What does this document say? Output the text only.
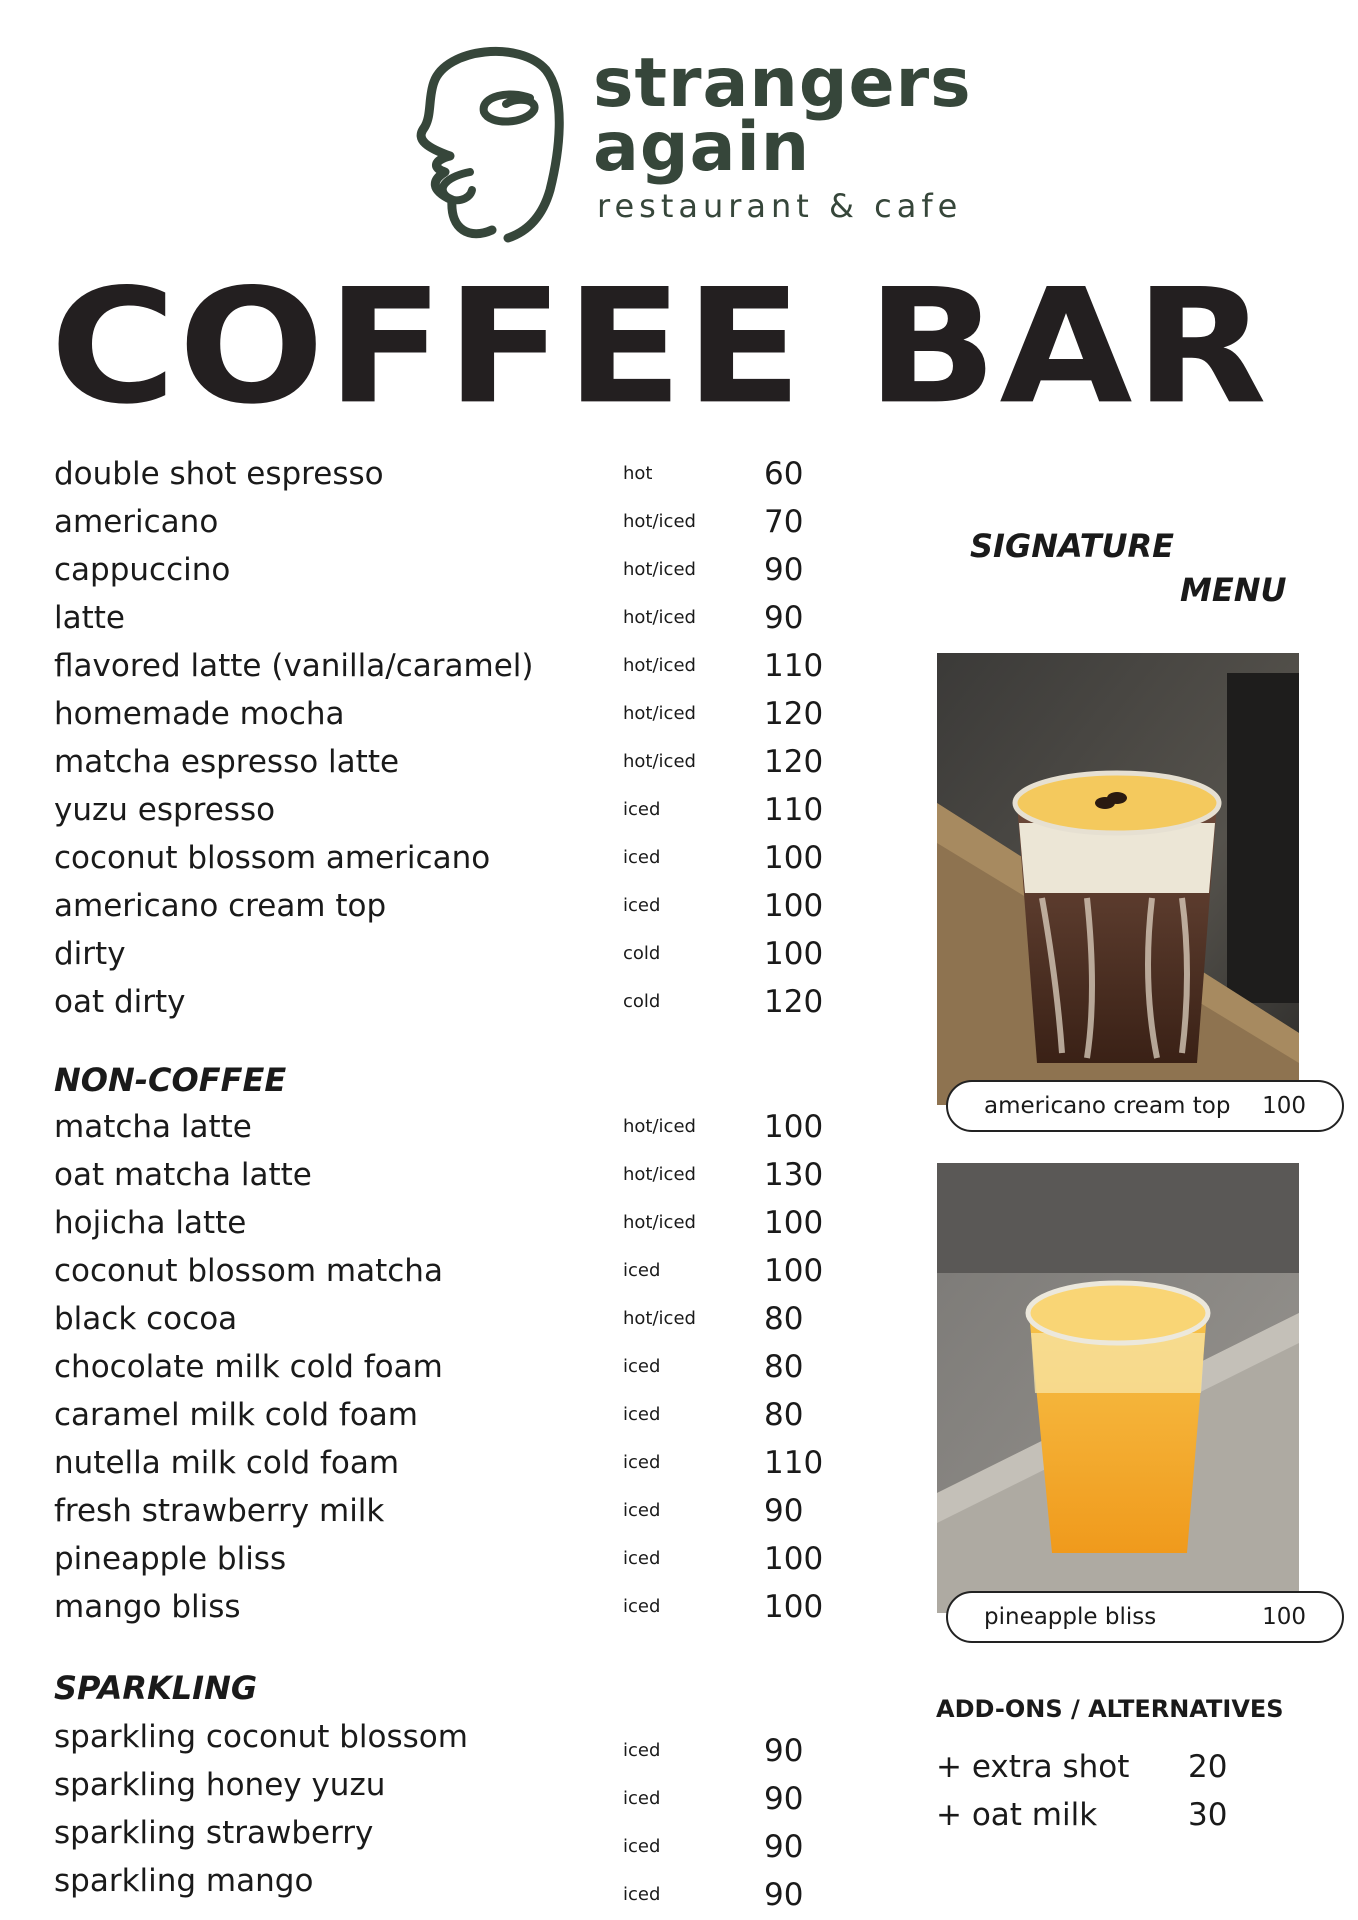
strangers
again
restaurant & cafe
COFFEE BAR
double shot espresso	hot	60
americano	hot/iced 70
cappuccino	hot/iced 90
latte	hot/iced 90
flavored latte (vanilla/caramel)	hot/iced 110
homemade mocha	hot/iced 120
matcha espresso latte	hot/iced 120
yuzu espresso	iced	110
coconut blossom americano	iced	100
americano cream top	iced	100
dirty	cold	100
oat dirty	cold	120
NON-COFFEE
matcha latte	hot/iced 100
oat matcha latte	hot/iced 130
hojicha latte	hot/iced 100
coconut blossom matcha	iced	100
black cocoa	hot/iced 80
chocolate milk cold foam	iced	80
caramel milk cold foam	iced	80
nutella milk cold foam	iced	110
fresh strawberry milk	iced	90
pineapple bliss	iced	100
mango bliss	iced	100
SPARKLING
sparkling coconut blossom	iced	90
sparkling honey yuzu	iced	90
sparkling strawberry	iced	90
sparkling mango	iced	90
SIGNATURE
MENU
americano cream top 100
pineapple bliss	100
ADD-ONS / ALTERNATIVES
+ extra shot 20
+ oat milk	30
